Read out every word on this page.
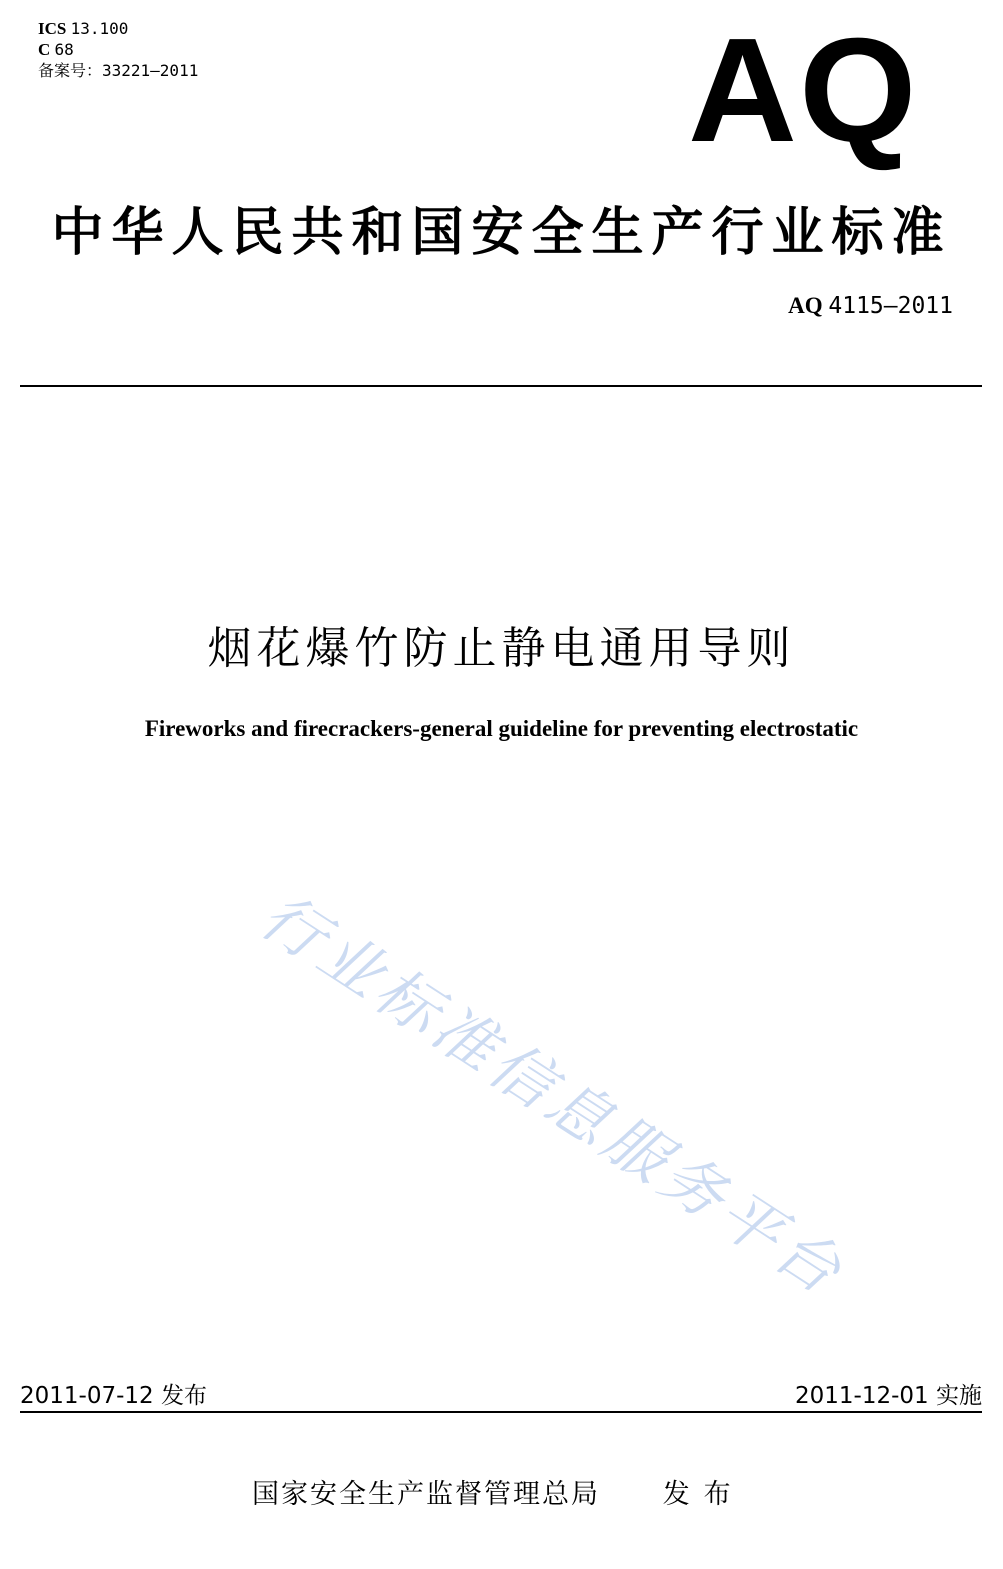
ICS 13.100
C 68
备案号：33221—2011	AQ
中华人民共和国安全生产行业标准
AQ 4115—2011
烟花爆竹防止静电通用导则
Fireworks and firecrackers-general guideline for preventing electrostatic
行业标准信息服务平台
2011-07-12 发布	2011-12-01 实施
国家安全生产监督管理总局 发布
